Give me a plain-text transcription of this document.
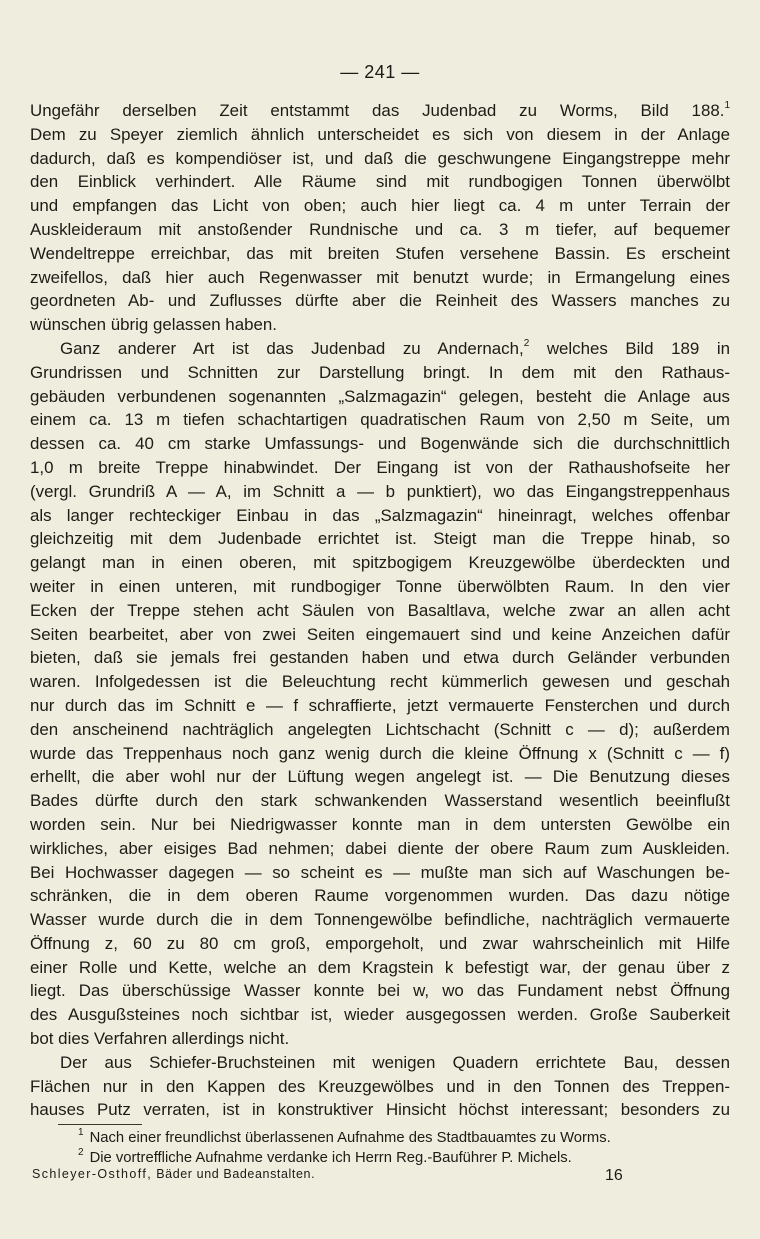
— 241 —
Ungefähr derselben Zeit entstammt das Judenbad zu Worms, Bild 188.$^1$
Dem zu Speyer ziemlich ähnlich unterscheidet es sich von diesem in der Anlage
dadurch, daß es kompendiöser ist, und daß die geschwungene Eingangstreppe mehr
den Einblick verhindert. Alle Räume sind mit rundbogigen Tonnen überwölbt
und empfangen das Licht von oben; auch hier liegt ca. 4 m unter Terrain der
Auskleideraum mit anstoßender Rundnische und ca. 3 m tiefer, auf bequemer
Wendeltreppe erreichbar, das mit breiten Stufen versehene Bassin. Es erscheint
zweifellos, daß hier auch Regenwasser mit benutzt wurde; in Ermangelung eines
geordneten Ab- und Zuflusses dürfte aber die Reinheit des Wassers manches zu
wünschen übrig gelassen haben.
Ganz anderer Art ist das Judenbad zu Andernach,$^2$ welches Bild 189 in
Grundrissen und Schnitten zur Darstellung bringt. In dem mit den Rathaus-
gebäuden verbundenen sogenannten „Salzmagazin“ gelegen, besteht die Anlage aus
einem ca. 13 m tiefen schachtartigen quadratischen Raum von 2,50 m Seite, um
dessen ca. 40 cm starke Umfassungs- und Bogenwände sich die durchschnittlich
1,0 m breite Treppe hinabwindet. Der Eingang ist von der Rathaushofseite her
(vergl. Grundriß A — A, im Schnitt a — b punktiert), wo das Eingangstreppenhaus
als langer rechteckiger Einbau in das „Salzmagazin“ hineinragt, welches offenbar
gleichzeitig mit dem Judenbade errichtet ist. Steigt man die Treppe hinab, so
gelangt man in einen oberen, mit spitzbogigem Kreuzgewölbe überdeckten und
weiter in einen unteren, mit rundbogiger Tonne überwölbten Raum. In den vier
Ecken der Treppe stehen acht Säulen von Basaltlava, welche zwar an allen acht
Seiten bearbeitet, aber von zwei Seiten eingemauert sind und keine Anzeichen dafür
bieten, daß sie jemals frei gestanden haben und etwa durch Geländer verbunden
waren. Infolgedessen ist die Beleuchtung recht kümmerlich gewesen und geschah
nur durch das im Schnitt e — f schraffierte, jetzt vermauerte Fensterchen und durch
den anscheinend nachträglich angelegten Lichtschacht (Schnitt c — d); außerdem
wurde das Treppenhaus noch ganz wenig durch die kleine Öffnung x (Schnitt c — f)
erhellt, die aber wohl nur der Lüftung wegen angelegt ist. — Die Benutzung dieses
Bades dürfte durch den stark schwankenden Wasserstand wesentlich beeinflußt
worden sein. Nur bei Niedrigwasser konnte man in dem untersten Gewölbe ein
wirkliches, aber eisiges Bad nehmen; dabei diente der obere Raum zum Auskleiden.
Bei Hochwasser dagegen — so scheint es — mußte man sich auf Waschungen be-
schränken, die in dem oberen Raume vorgenommen wurden. Das dazu nötige
Wasser wurde durch die in dem Tonnengewölbe befindliche, nachträglich vermauerte
Öffnung z, 60 zu 80 cm groß, emporgeholt, und zwar wahrscheinlich mit Hilfe
einer Rolle und Kette, welche an dem Kragstein k befestigt war, der genau über z
liegt. Das überschüssige Wasser konnte bei w, wo das Fundament nebst Öffnung
des Ausgußsteines noch sichtbar ist, wieder ausgegossen werden. Große Sauberkeit
bot dies Verfahren allerdings nicht.
Der aus Schiefer-Bruchsteinen mit wenigen Quadern errichtete Bau, dessen
Flächen nur in den Kappen des Kreuzgewölbes und in den Tonnen des Treppen-
hauses Putz verraten, ist in konstruktiver Hinsicht höchst interessant; besonders zu
$^1$ Nach einer freundlichst überlassenen Aufnahme des Stadtbauamtes zu Worms.
$^2$ Die vortreffliche Aufnahme verdanke ich Herrn Reg.-Bauführer P. Michels.
Schleyer-Osthoff, Bäder und Badeanstalten.	16
